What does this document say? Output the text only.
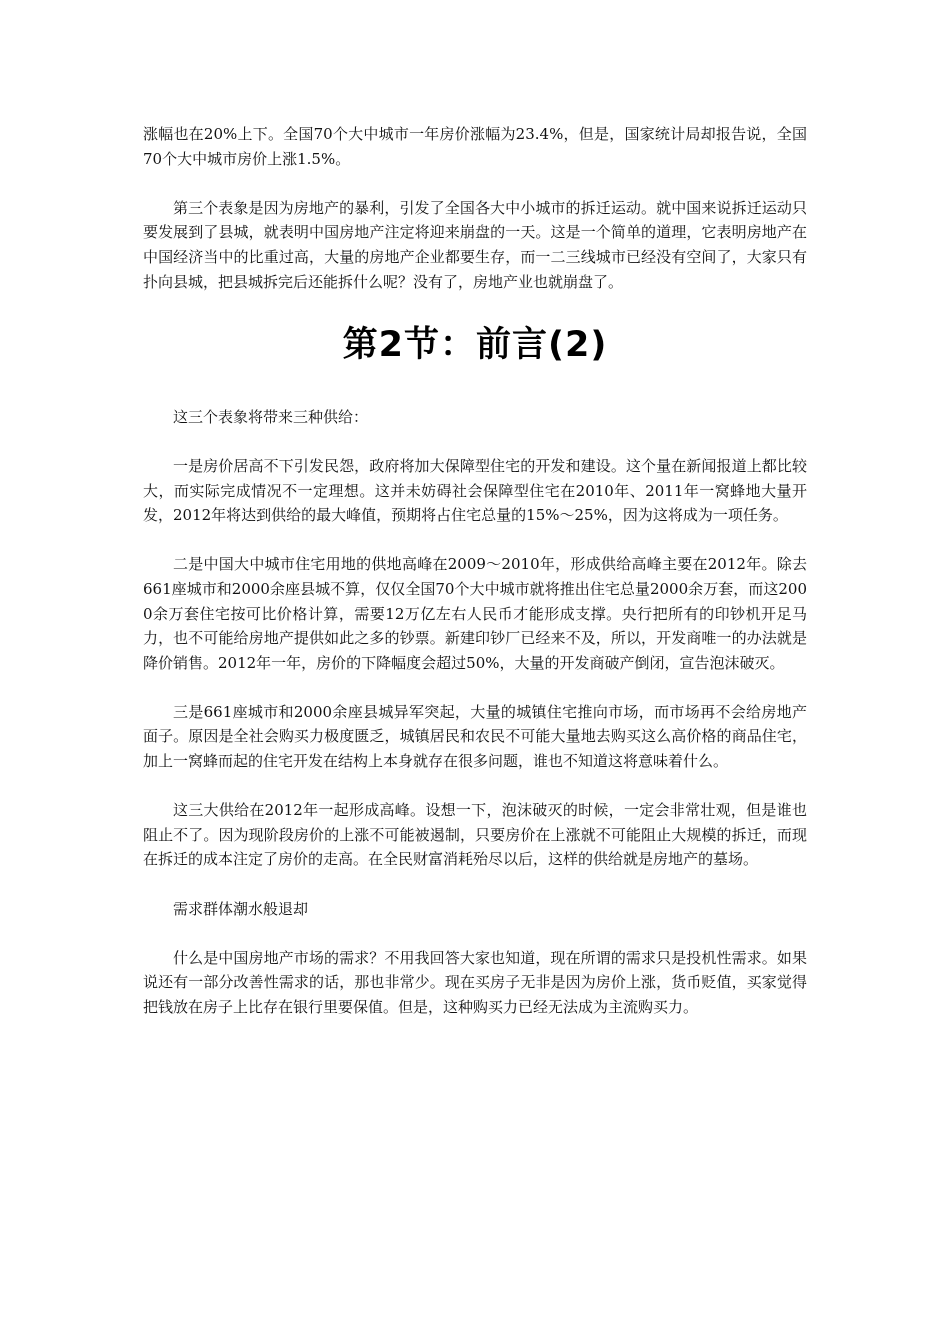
涨幅也在20%上下。全国70个大中城市一年房价涨幅为23.4%，但是，国家统计局却报告说，全国70个大中城市房价上涨1.5%。

第三个表象是因为房地产的暴利，引发了全国各大中小城市的拆迁运动。就中国来说拆迁运动只要发展到了县城，就表明中国房地产注定将迎来崩盘的一天。这是一个简单的道理，它表明房地产在中国经济当中的比重过高，大量的房地产企业都要生存，而一二三线城市已经没有空间了，大家只有扑向县城，把县城拆完后还能拆什么呢？没有了，房地产业也就崩盘了。

第2节：前言(2)

这三个表象将带来三种供给：

一是房价居高不下引发民怨，政府将加大保障型住宅的开发和建设。这个量在新闻报道上都比较大，而实际完成情况不一定理想。这并未妨碍社会保障型住宅在2010年、2011年一窝蜂地大量开发，2012年将达到供给的最大峰值，预期将占住宅总量的15%～25%，因为这将成为一项任务。

二是中国大中城市住宅用地的供地高峰在2009～2010年，形成供给高峰主要在2012年。除去661座城市和2000余座县城不算，仅仅全国70个大中城市就将推出住宅总量2000余万套，而这2000余万套住宅按可比价格计算，需要12万亿左右人民币才能形成支撑。央行把所有的印钞机开足马力，也不可能给房地产提供如此之多的钞票。新建印钞厂已经来不及，所以，开发商唯一的办法就是降价销售。2012年一年，房价的下降幅度会超过50%，大量的开发商破产倒闭，宣告泡沫破灭。

三是661座城市和2000余座县城异军突起，大量的城镇住宅推向市场，而市场再不会给房地产面子。原因是全社会购买力极度匮乏，城镇居民和农民不可能大量地去购买这么高价格的商品住宅，加上一窝蜂而起的住宅开发在结构上本身就存在很多问题，谁也不知道这将意味着什么。

这三大供给在2012年一起形成高峰。设想一下，泡沫破灭的时候，一定会非常壮观，但是谁也阻止不了。因为现阶段房价的上涨不可能被遏制，只要房价在上涨就不可能阻止大规模的拆迁，而现在拆迁的成本注定了房价的走高。在全民财富消耗殆尽以后，这样的供给就是房地产的墓场。

需求群体潮水般退却

什么是中国房地产市场的需求？不用我回答大家也知道，现在所谓的需求只是投机性需求。如果说还有一部分改善性需求的话，那也非常少。现在买房子无非是因为房价上涨，货币贬值，买家觉得把钱放在房子上比存在银行里要保值。但是，这种购买力已经无法成为主流购买力。
